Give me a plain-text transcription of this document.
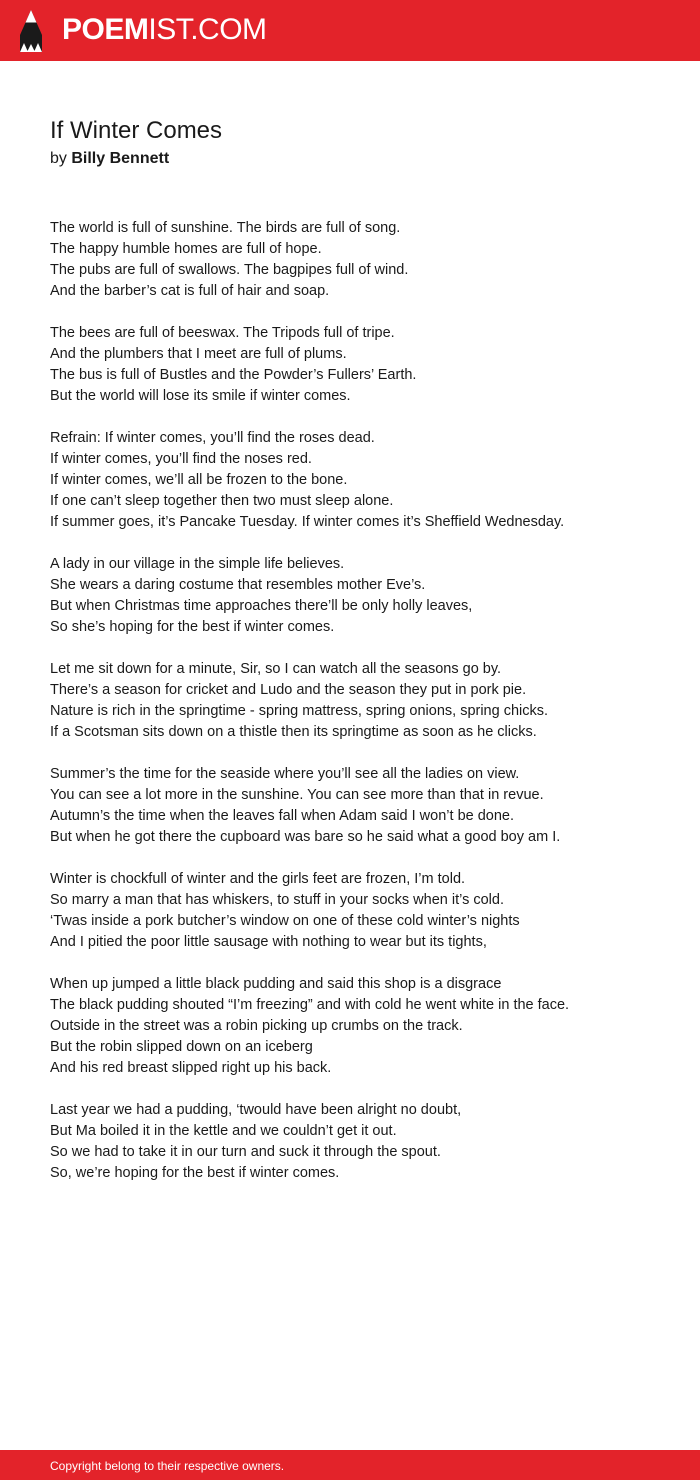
POEMIST.COM
If Winter Comes
by Billy Bennett
The world is full of sunshine. The birds are full of song.
The happy humble homes are full of hope.
The pubs are full of swallows. The bagpipes full of wind.
And the barber’s cat is full of hair and soap.
The bees are full of beeswax. The Tripods full of tripe.
And the plumbers that I meet are full of plums.
The bus is full of Bustles and the Powder’s Fullers’ Earth.
But the world will lose its smile if winter comes.
Refrain: If winter comes, you’ll find the roses dead.
If winter comes, you’ll find the noses red.
If winter comes, we’ll all be frozen to the bone.
If one can’t sleep together then two must sleep alone.
If summer goes, it’s Pancake Tuesday. If winter comes it’s Sheffield Wednesday.
A lady in our village in the simple life believes.
She wears a daring costume that resembles mother Eve’s.
But when Christmas time approaches there’ll be only holly leaves,
So she’s hoping for the best if winter comes.
Let me sit down for a minute, Sir, so I can watch all the seasons go by.
There’s a season for cricket and Ludo and the season they put in pork pie.
Nature is rich in the springtime - spring mattress, spring onions, spring chicks.
If a Scotsman sits down on a thistle then its springtime as soon as he clicks.
Summer’s the time for the seaside where you’ll see all the ladies on view.
You can see a lot more in the sunshine. You can see more than that in revue.
Autumn’s the time when the leaves fall when Adam said I won’t be done.
But when he got there the cupboard was bare so he said what a good boy am I.
Winter is chockfull of winter and the girls feet are frozen, I’m told.
So marry a man that has whiskers, to stuff in your socks when it’s cold.
‘Twas inside a pork butcher’s window on one of these cold winter’s nights
And I pitied the poor little sausage with nothing to wear but its tights,
When up jumped a little black pudding and said this shop is a disgrace
The black pudding shouted “I’m freezing” and with cold he went white in the face.
Outside in the street was a robin picking up crumbs on the track.
But the robin slipped down on an iceberg
And his red breast slipped right up his back.
Last year we had a pudding, ‘twould have been alright no doubt,
But Ma boiled it in the kettle and we couldn’t get it out.
So we had to take it in our turn and suck it through the spout.
So, we’re hoping for the best if winter comes.
Copyright belong to their respective owners.
